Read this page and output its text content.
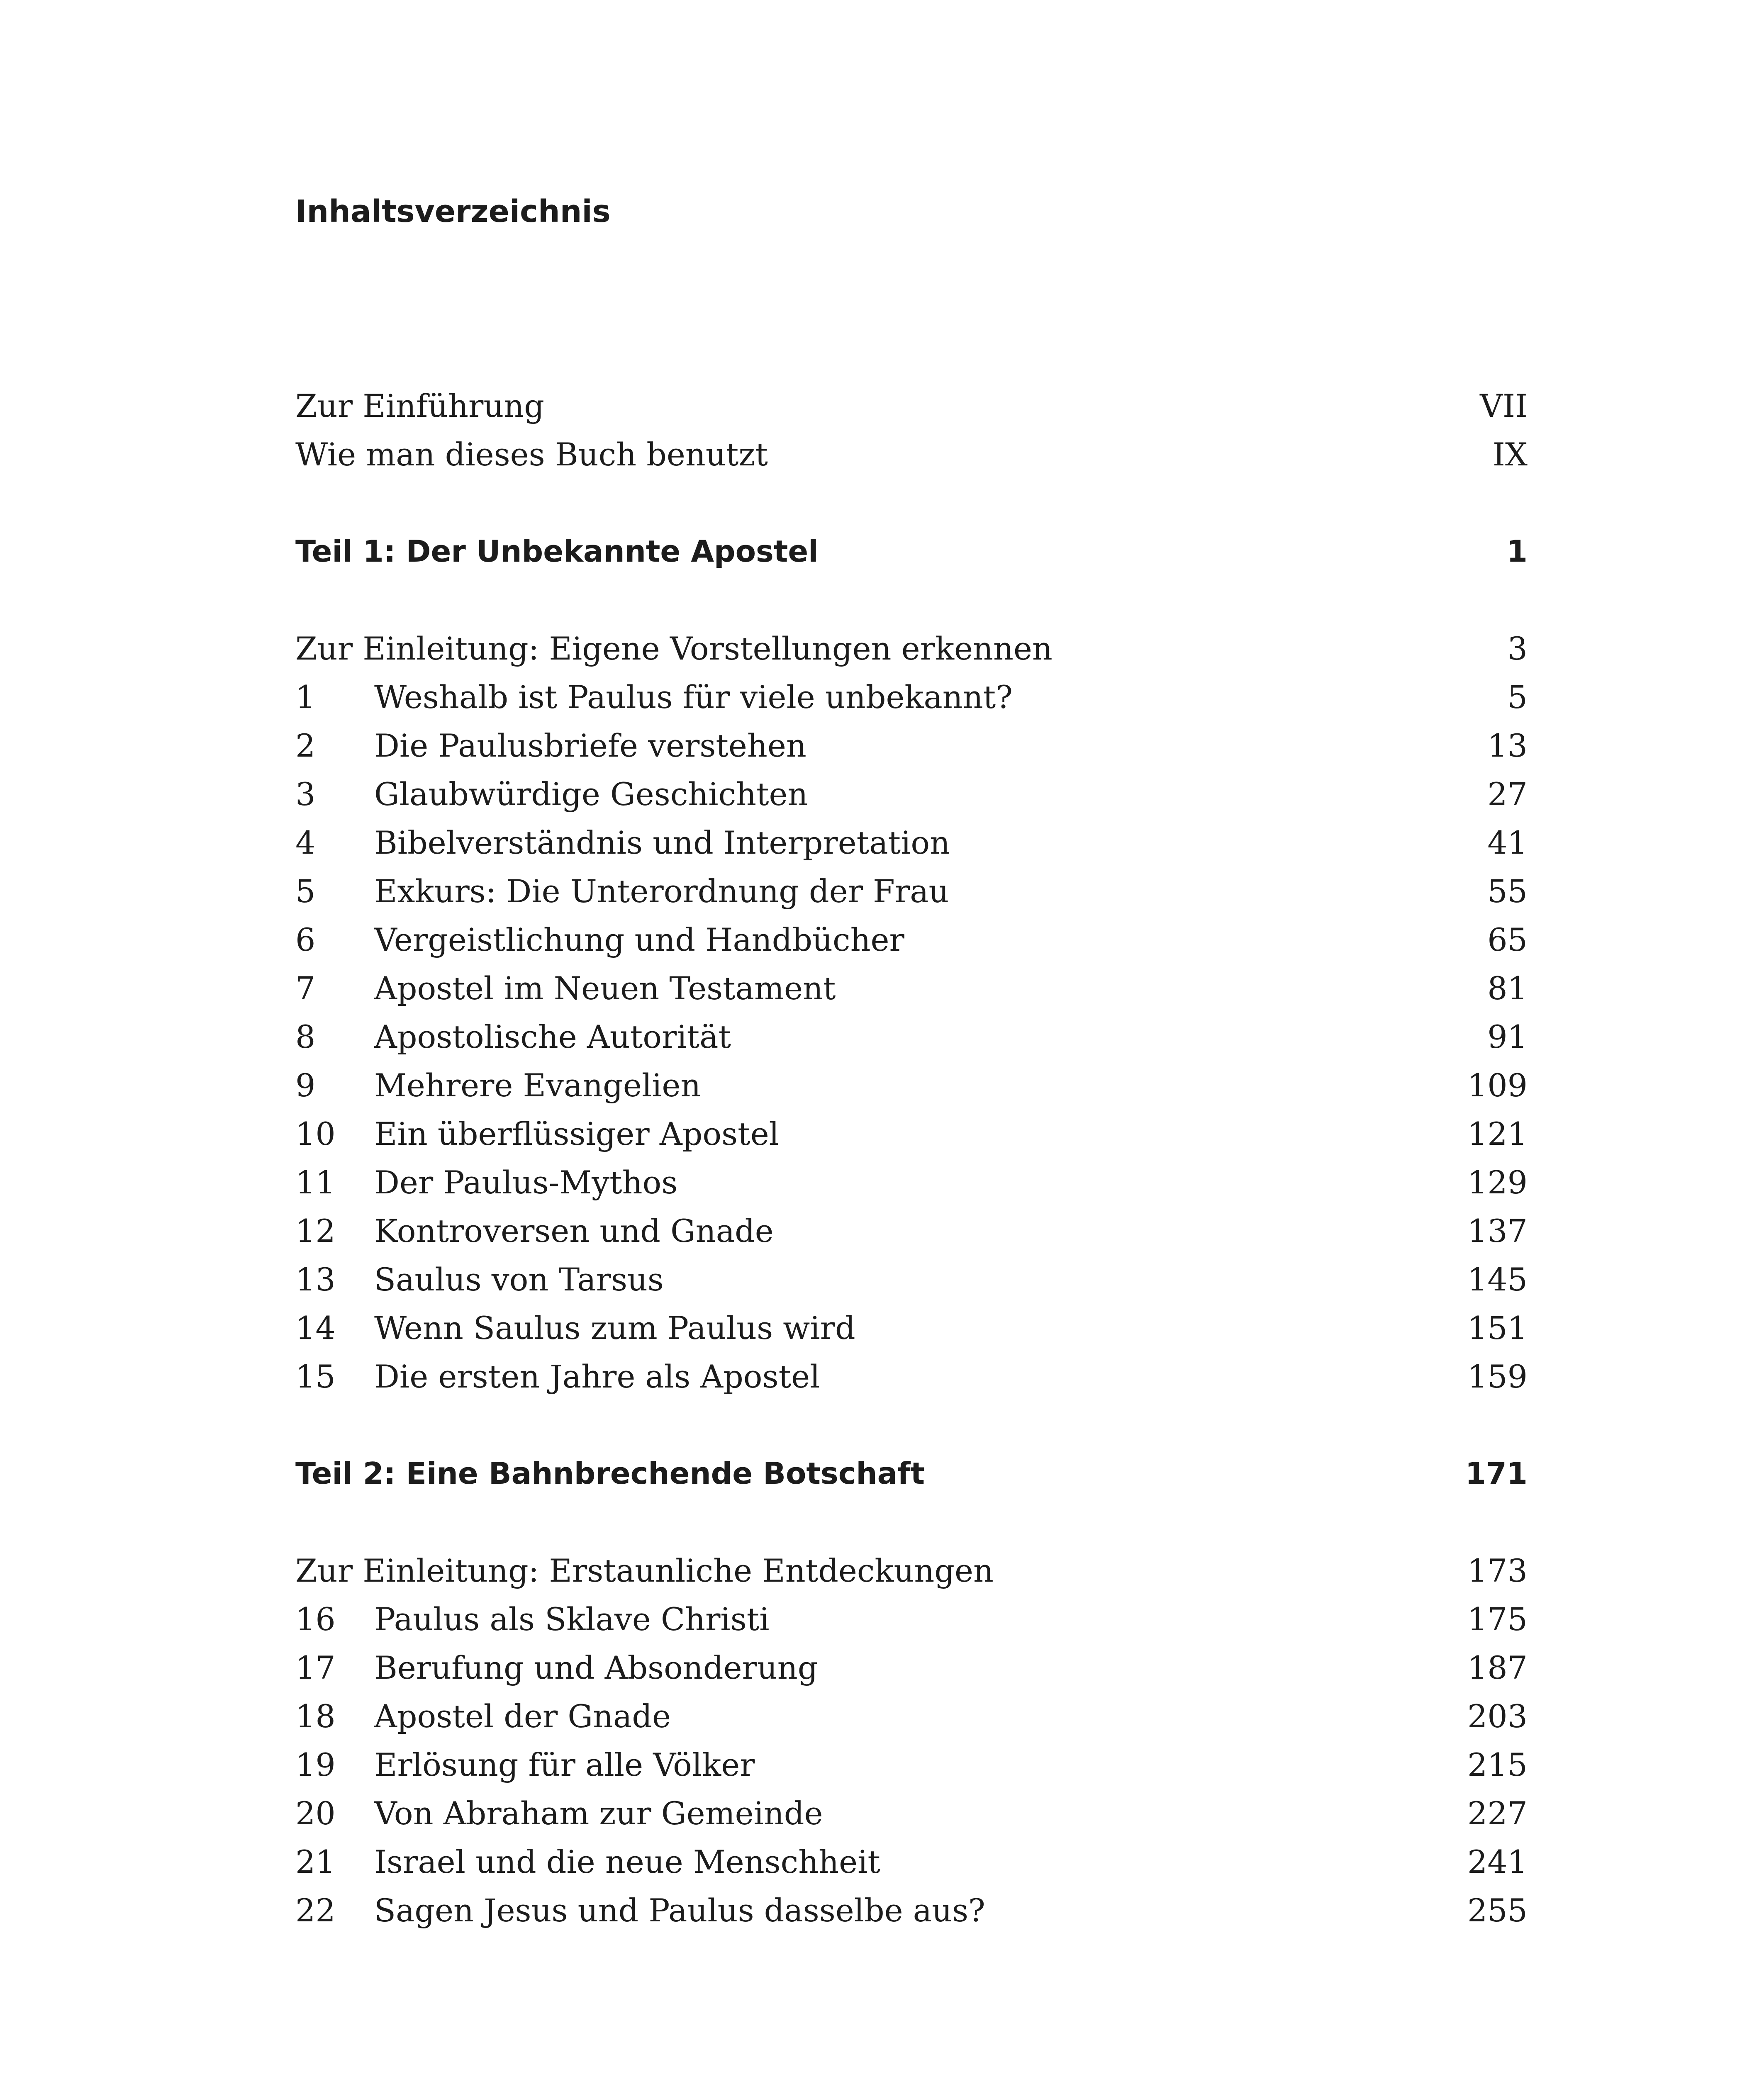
Inhaltsverzeichnis
Zur Einführung	VII
Wie man dieses Buch benutzt	IX
Teil 1: Der Unbekannte Apostel	1
Zur Einleitung: Eigene Vorstellungen erkennen	3
1 Weshalb ist Paulus für viele unbekannt?	5
2 Die Paulusbriefe verstehen	13
3 Glaubwürdige Geschichten	27
4 Bibelverständnis und Interpretation	41
5 Exkurs: Die Unterordnung der Frau	55
6 Vergeistlichung und Handbücher	65
7 Apostel im Neuen Testament	81
8 Apostolische Autorität	91
9 Mehrere Evangelien	109
10 Ein überflüssiger Apostel	121
11 Der Paulus-Mythos	129
12 Kontroversen und Gnade	137
13 Saulus von Tarsus	145
14 Wenn Saulus zum Paulus wird	151
15 Die ersten Jahre als Apostel	159
Teil 2: Eine Bahnbrechende Botschaft	171
Zur Einleitung: Erstaunliche Entdeckungen	173
16 Paulus als Sklave Christi	175
17 Berufung und Absonderung	187
18 Apostel der Gnade	203
19 Erlösung für alle Völker	215
20 Von Abraham zur Gemeinde	227
21 Israel und die neue Menschheit	241
22 Sagen Jesus und Paulus dasselbe aus?	255
